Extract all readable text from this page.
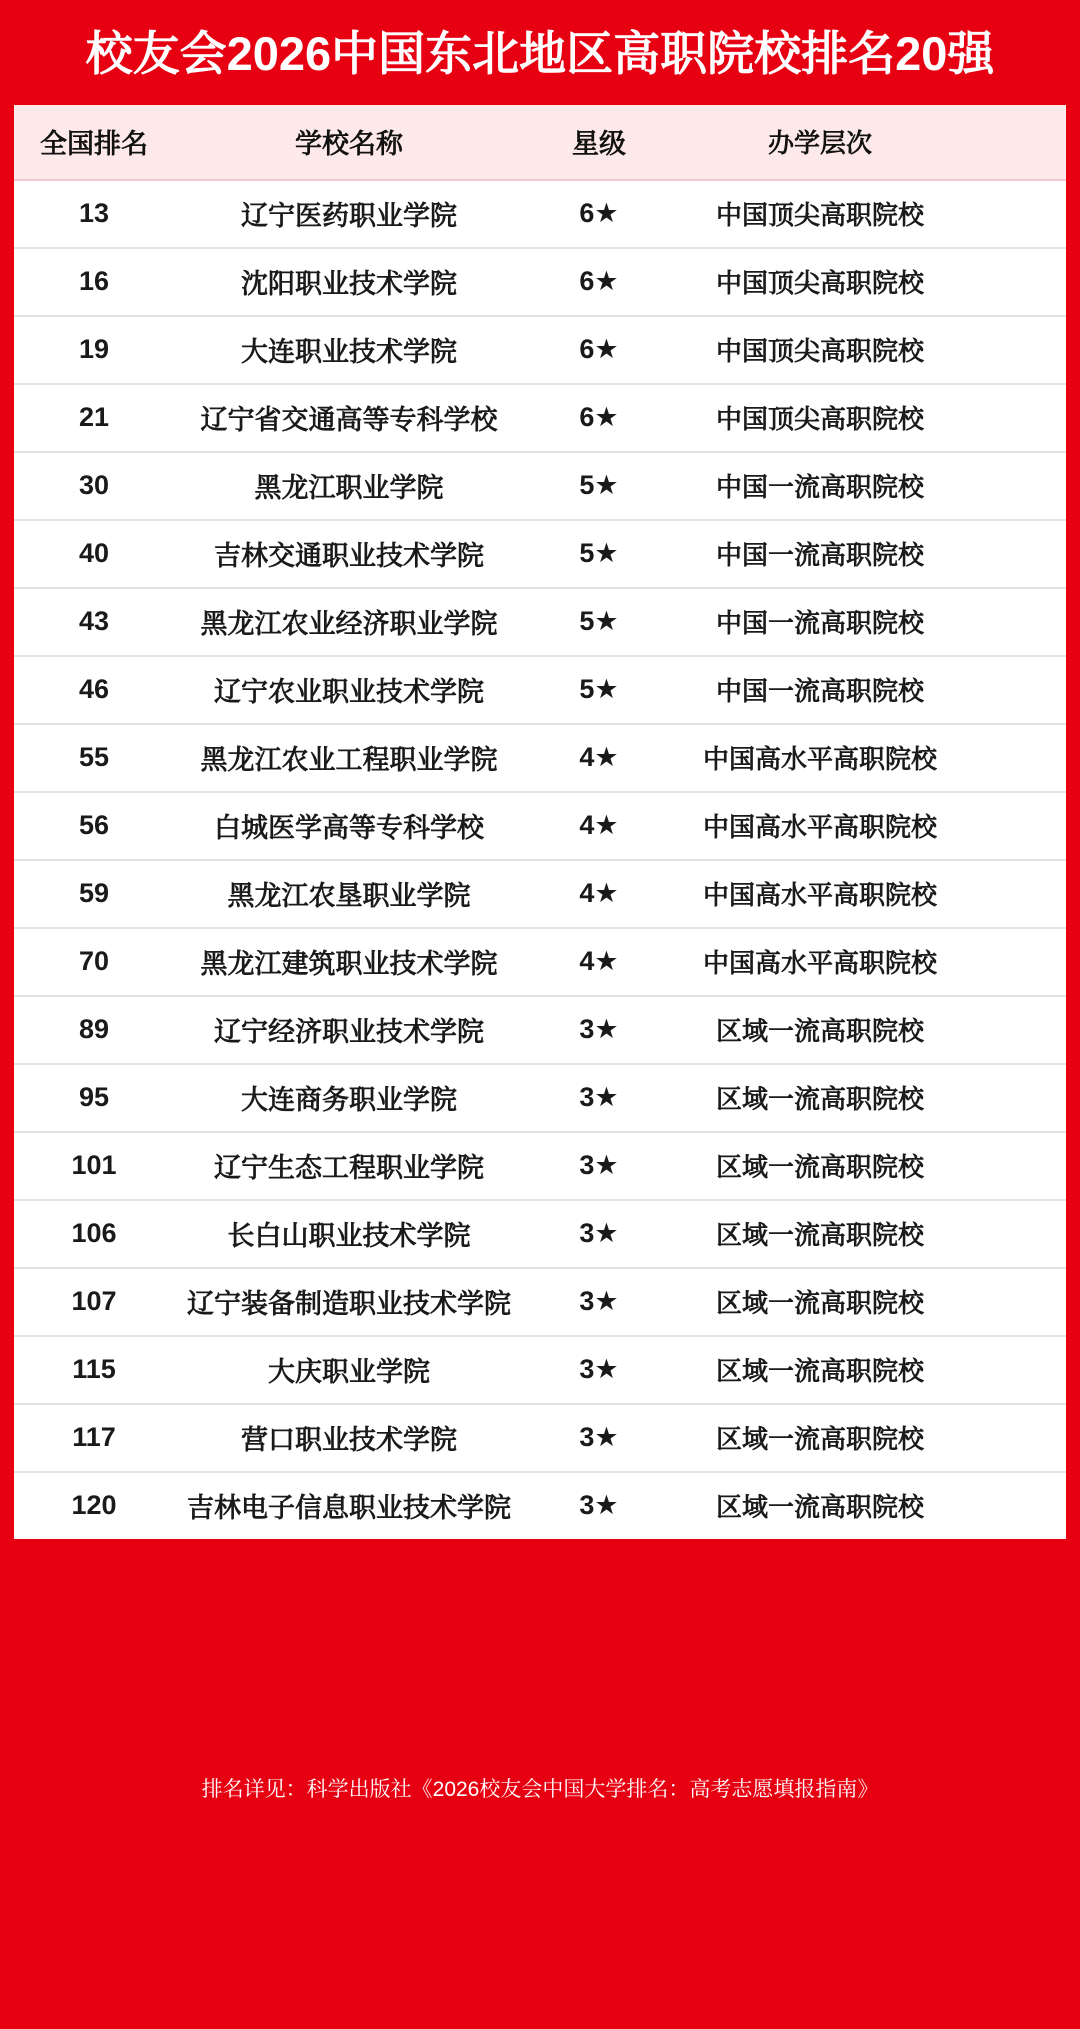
校友会2026中国东北地区高职院校排名20强
全国排名	学校名称	星级	办学层次
13	辽宁医药职业学院	6★	中国顶尖高职院校
16	沈阳职业技术学院	6★	中国顶尖高职院校
19	大连职业技术学院	6★	中国顶尖高职院校
21	辽宁省交通高等专科学校	6★	中国顶尖高职院校
30	黑龙江职业学院	5★	中国一流高职院校
40	吉林交通职业技术学院	5★	中国一流高职院校
43	黑龙江农业经济职业学院	5★	中国一流高职院校
46	辽宁农业职业技术学院	5★	中国一流高职院校
55	黑龙江农业工程职业学院	4★	中国高水平高职院校
56	白城医学高等专科学校	4★	中国高水平高职院校
59	黑龙江农垦职业学院	4★	中国高水平高职院校
70	黑龙江建筑职业技术学院	4★	中国高水平高职院校
89	辽宁经济职业技术学院	3★	区域一流高职院校
95	大连商务职业学院	3★	区域一流高职院校
101	辽宁生态工程职业学院	3★	区域一流高职院校
106	长白山职业技术学院	3★	区域一流高职院校
107	辽宁装备制造职业技术学院	3★	区域一流高职院校
115	大庆职业学院	3★	区域一流高职院校
117	营口职业技术学院	3★	区域一流高职院校
120	吉林电子信息职业技术学院	3★	区域一流高职院校
排名详见：科学出版社《2026校友会中国大学排名：高考志愿填报指南》
